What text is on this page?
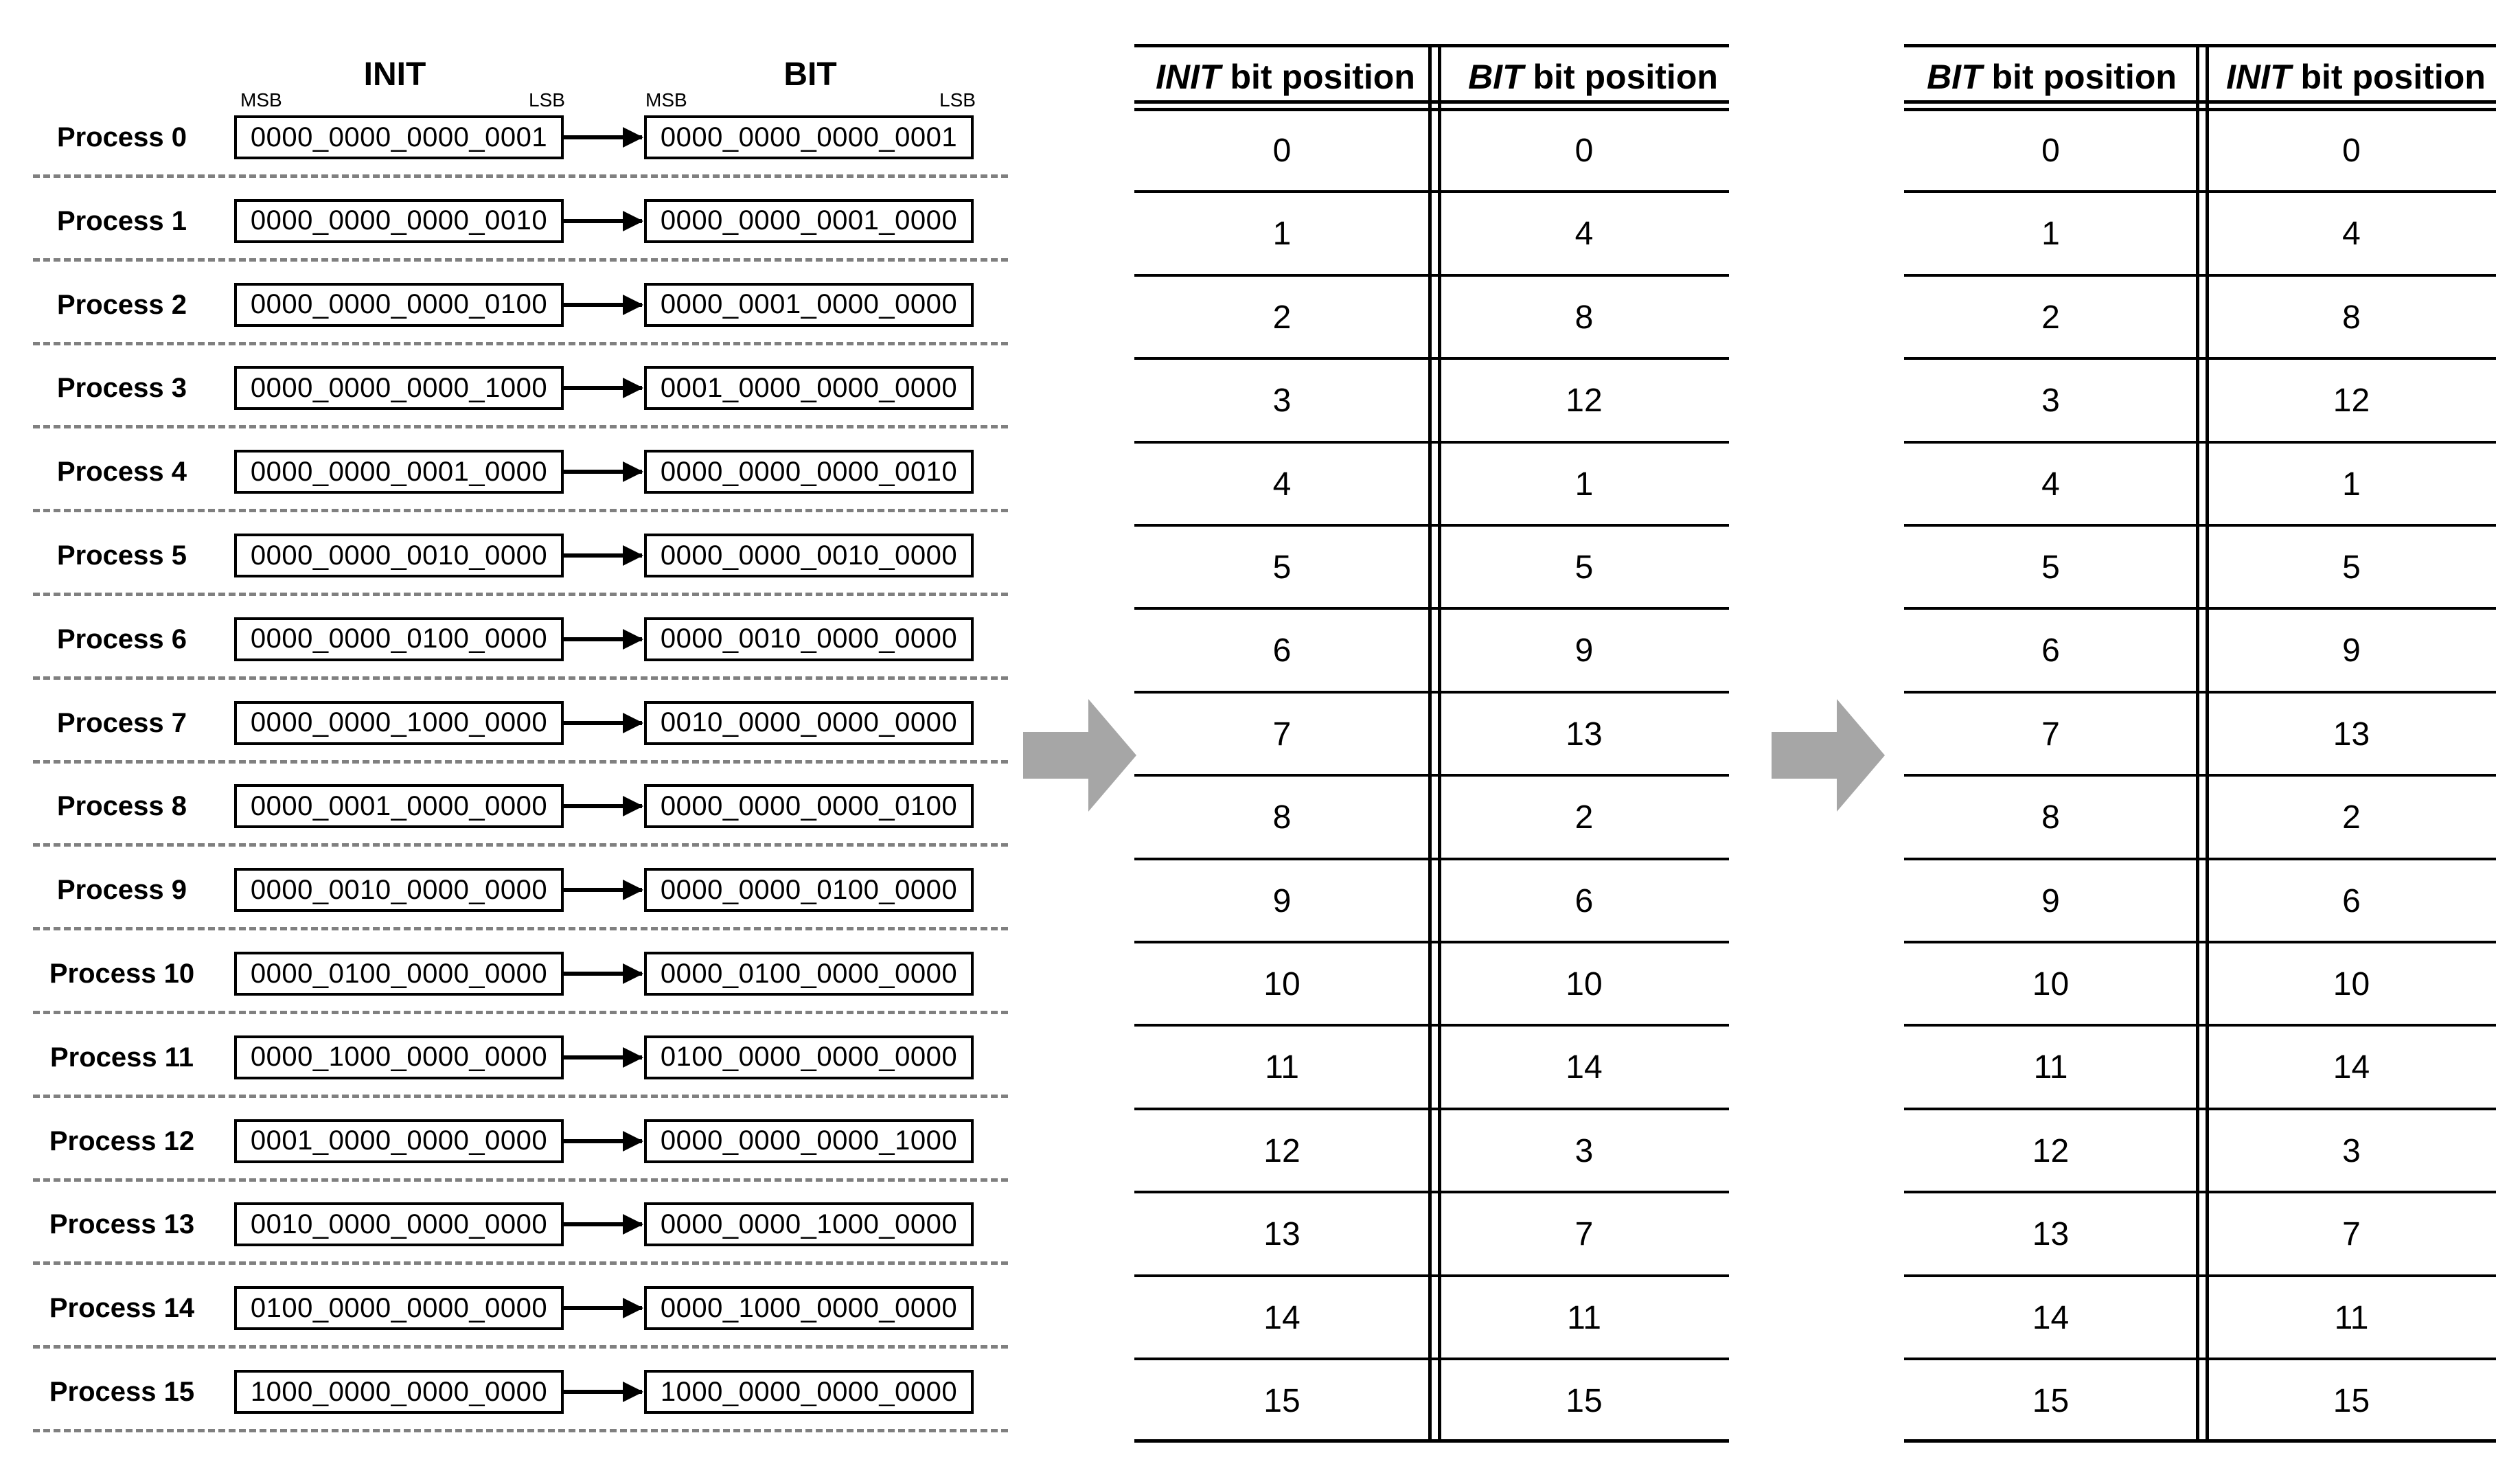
INIT	BIT
MSB	LSB	MSB	LSB
Process 0	0000_0000_0000_0001	0000_0000_0000_0001
Process 1	0000_0000_0000_0010	0000_0000_0001_0000
Process 2	0000_0000_0000_0100	0000_0001_0000_0000
Process 3	0000_0000_0000_1000	0001_0000_0000_0000
Process 4	0000_0000_0001_0000	0000_0000_0000_0010
Process 5	0000_0000_0010_0000	0000_0000_0010_0000
Process 6	0000_0000_0100_0000	0000_0010_0000_0000
Process 7	0000_0000_1000_0000	0010_0000_0000_0000
Process 8	0000_0001_0000_0000	0000_0000_0000_0100
Process 9	0000_0010_0000_0000	0000_0000_0100_0000
Process 10	0000_0100_0000_0000	0000_0100_0000_0000
Process 11	0000_1000_0000_0000	0100_0000_0000_0000
Process 12	0001_0000_0000_0000	0000_0000_0000_1000
Process 13	0010_0000_0000_0000	0000_0000_1000_0000
Process 14	0100_0000_0000_0000	0000_1000_0000_0000
Process 15	1000_0000_0000_0000	1000_0000_0000_0000
INIT bit position	BIT bit position
0	0
1	4
2	8
3	12
4	1
5	5
6	9
7	13
8	2
9	6
10	10
11	14
12	3
13	7
14	11
15	15
BIT bit position	INIT bit position
0	0
1	4
2	8
3	12
4	1
5	5
6	9
7	13
8	2
9	6
10	10
11	14
12	3
13	7
14	11
15	15
